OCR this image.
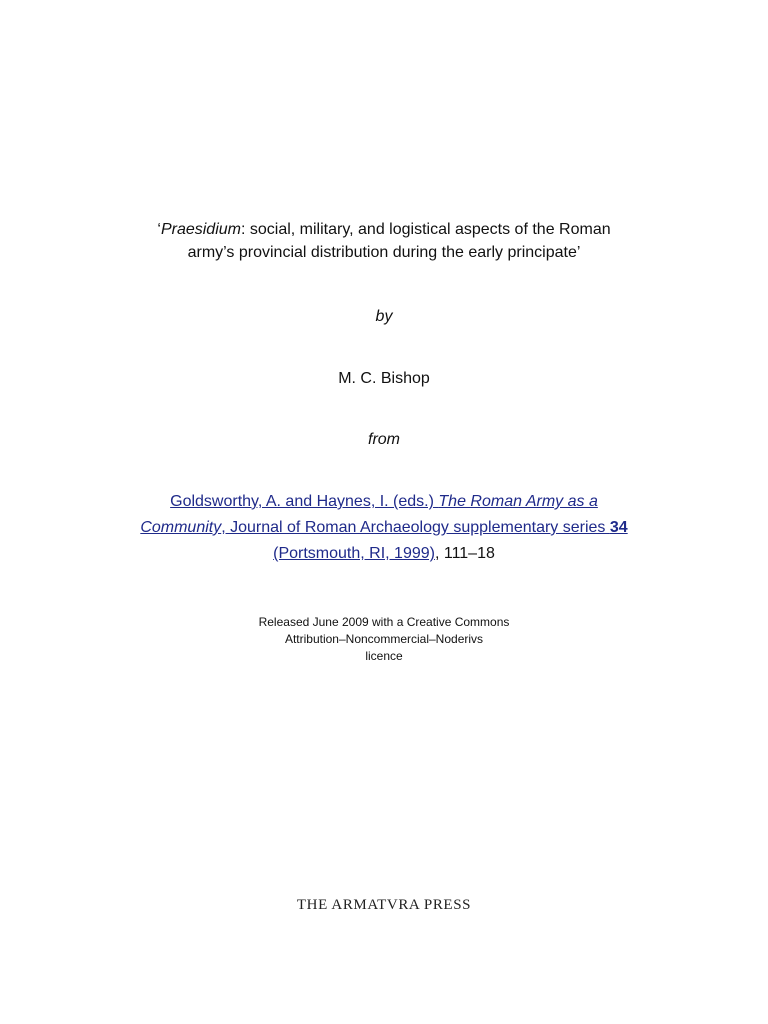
‘Praesidium: social, military, and logistical aspects of the Roman
army’s provincial distribution during the early principate’
by
M. C. Bishop
from
Goldsworthy, A. and Haynes, I. (eds.) The Roman Army as a
Community, Journal of Roman Archaeology supplementary series 34
(Portsmouth, RI, 1999), 111–18
Released June 2009 with a Creative Commons
Attribution–Noncommercial–Noderivs
licence
THE ARMATVRA PRESS
